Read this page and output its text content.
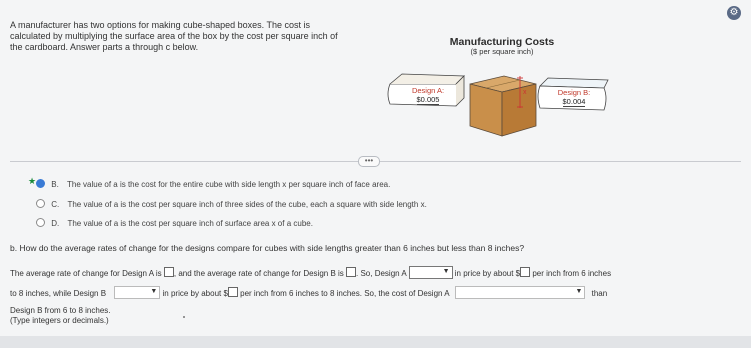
⚙
A manufacturer has two options for making cube-shaped boxes. The cost is
calculated by multiplying the surface area of the box by the cost per square inch of
the cardboard. Answer parts a through c below.	Manufacturing Costs
($ per square inch)
Design A:
$0.005
x	Design B:
$0.004
•••
★ B. The value of a is the cost for the entire cube with side length x per square inch of face area.
C. The value of a is the cost per square inch of three sides of the cube, each a square with side length x.
D. The value of a is the cost per square inch of surface area x of a cube.
b. How do the average rates of change for the designs compare for cubes with side lengths greater than 6 inches but less than 8 inches?
The average rate of change for Design A is , and the average rate of change for Design B is . So, Design A	▼ in price by about $ per inch from 6 inches
to 8 inches, while Design B	▼ in price by about $ per inch from 6 inches to 8 inches. So, the cost of Design A	▼ than
Design B from 6 to 8 inches.
(Type integers or decimals.)
